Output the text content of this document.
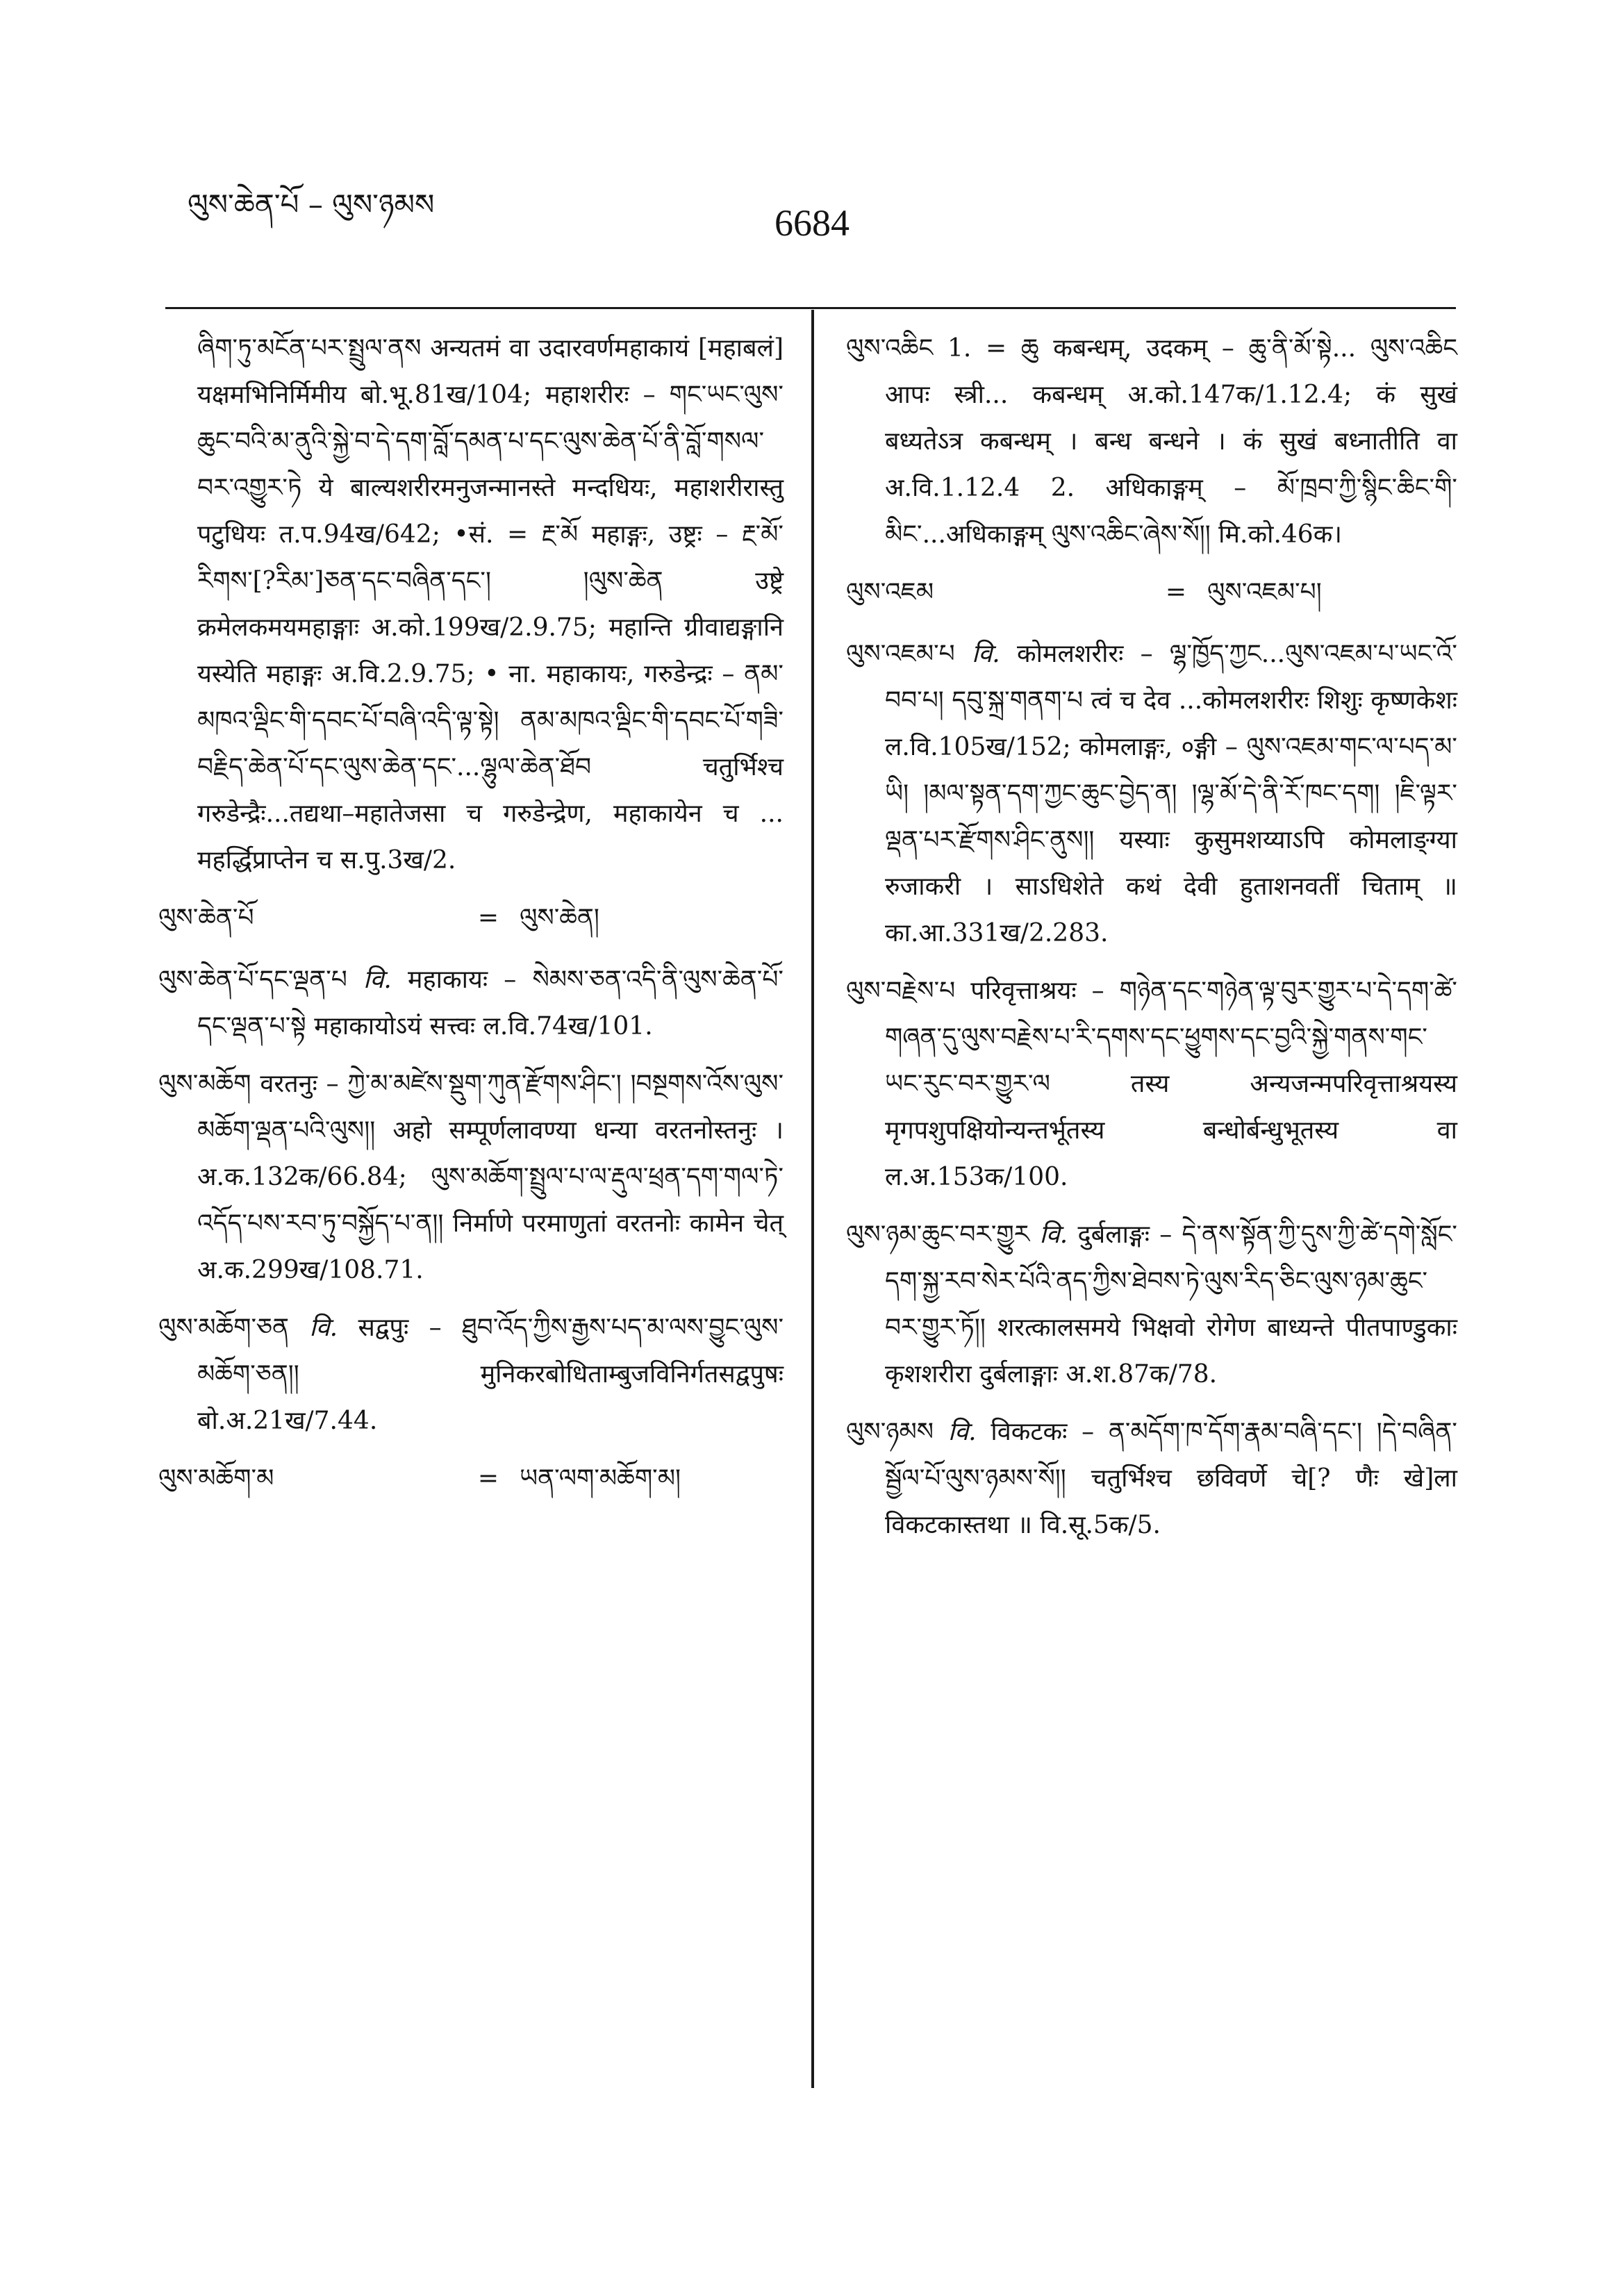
ལུས་ཆེན་པོ – ལུས་ཉམས	6684

ཞིག་ཏུ་མངོན་པར་སྤྲུལ་ནས अन्यतमं वा उदारवर्णमहाकायं [महाबलं] यक्षमभिनिर्मिमीय बो.भू.81ख/104; महाशरीरः – གང་ཡང་ལུས་ཆུང་བའི་མ་ནུའི་སྐྱེ་བ་དེ་དག་བློ་དམན་པ་དང་ལུས་ཆེན་པོ་ནི་བློ་གསལ་བར་འགྱུར་ཏེ ये बाल्यशरीरमनुजन्मानस्ते मन्दधियः, महाशरीरास्तु पटुधियः त.प.94ख/642; •सं. = རྔ་མོ महाङ्गः, उष्ट्रः – རྔ་མོ་རིགས་[?རིམ་]ཅན་དང་བཞིན་དང་། །ལུས་ཆེན उष्ट्रे क्रमेलकमयमहाङ्गाः अ.को.199ख/2.9.75; महान्ति ग्रीवाद्यङ्गानि यस्येति महाङ्गः अ.वि.2.9.75; • ना. महाकायः, गरुडेन्द्रः – ནམ་མཁའ་ལྡིང་གི་དབང་པོ་བཞི་འདི་ལྟ་སྟེ། ནམ་མཁའ་ལྡིང་གི་དབང་པོ་གཟི་བརྗིད་ཆེན་པོ་དང་ལུས་ཆེན་དང་...ལྷུལ་ཆེན་ཐོབ चतुर्भिश्च गरुडेन्द्रैः...तद्यथा–महातेजसा च गरुडेन्द्रेण, महाकायेन च ... महर्द्धिप्राप्तेन च स.पु.3ख/2.

ལུས་ཆེན་པོ	= ལུས་ཆེན།

ལུས་ཆེན་པོ་དང་ལྡན་པ वि. महाकायः – སེམས་ཅན་འདི་ནི་ལུས་ཆེན་པོ་དང་ལྡན་པ་སྟེ महाकायोऽयं सत्त्वः ल.वि.74ख/101.

ལུས་མཆོག वरतनुः – ཀྱེ་མ་མཛེས་སྡུག་ཀུན་རྫོགས་ཤིང་། །བསྔགས་འོས་ལུས་མཆོག་ལྡན་པའི་ལུས།། अहो सम्पूर्णलावण्या धन्या वरतनोस्तनुः । अ.क.132क/66.84; ལུས་མཆོག་སྤྲུལ་པ་ལ་རྡུལ་ཕྲན་དག་གལ་ཏེ་འདོད་པས་རབ་ཏུ་བསྐྱོད་པ་ན།། निर्माणे परमाणुतां वरतनोः कामेन चेत् अ.क.299ख/108.71.

ལུས་མཆོག་ཅན वि. सद्वपुः – ཐུབ་འོད་ཀྱིས་རྒྱས་པད་མ་ལས་བྱུང་ལུས་མཆོག་ཅན།། मुनिकरबोधिताम्बुजविनिर्गतसद्वपुषः बो.अ.21ख/7.44.

ལུས་མཆོག་མ	= ཡན་ལག་མཆོག་མ།

ལུས་འཆིང 1. = ཆུ कबन्धम्, उदकम् – ཆུ་ནི་མོ་སྟེ... ལུས་འཆིང आपः स्त्री... कबन्धम् अ.को.147क/1.12.4; कं सुखं बध्यतेऽत्र कबन्धम् । बन्ध बन्धने । कं सुखं बध्नातीति वा अ.वि.1.12.4 2. अधिकाङ्गम् – མོ་ཁྲབ་ཀྱི་སྙིང་ཆིང་གི་མིང་...अधिकाङ्गम् ལུས་འཆིང་ཞེས་སོ།། मि.को.46क।

ལུས་འཇམ	= ལུས་འཇམ་པ།

ལུས་འཇམ་པ वि. कोमलशरीरः – ལྷ་ཁྱོད་ཀྱང...ལུས་འཇམ་པ་ཡང་འོ་བབ་པ། དབུ་སྐྲ་གནག་པ त्वं च देव ...कोमलशरीरः शिशुः कृष्णकेशः ल.वि.105ख/152; कोमलाङ्गः, ०ङ्गी – ལུས་འཇམ་གང་ལ་པད་མ་ཡི། །མལ་སྟན་དག་ཀྱང་ཆུང་བྱེད་ན། །ལྷ་མོ་དེ་ནི་རོ་ཁང་དག། །ཇི་ལྟར་ལྡན་པར་རྫོགས་ཤིང་ནུས།། यस्याः कुसुमशय्याऽपि कोमलाङ्ग्या रुजाकरी । साऽधिशेते कथं देवी हुताशनवतीं चिताम् ॥ का.आ.331ख/2.283.

ལུས་བརྗེས་པ परिवृत्ताश्रयः – གཉེན་དང་གཉེན་ལྟ་བུར་གྱུར་པ་དེ་དག་ཚེ་གཞན་དུ་ལུས་བརྗེས་པ་རི་དགས་དང་ཕྱུགས་དང་བྱའི་སྐྱེ་གནས་གང་ཡང་རུང་བར་གྱུར་ལ तस्य अन्यजन्मपरिवृत्ताश्रयस्य मृगपशुपक्षियोन्यन्तर्भूतस्य बन्धोर्बन्धुभूतस्य वा ल.अ.153क/100.

ལུས་ཉམ་ཆུང་བར་གྱུར वि. दुर्बलाङ्गः – དེ་ནས་སྟོན་ཀྱི་དུས་ཀྱི་ཚེ་དགེ་སློང་དག་སྐྱ་རབ་སེར་པོའི་ནད་ཀྱིས་ཐེབས་ཏེ་ལུས་རིད་ཅིང་ལུས་ཉམ་ཆུང་བར་གྱུར་ཏོ།། शरत्कालसमये भिक्षवो रोगेण बाध्यन्ते पीतपाण्डुकाः कृशशरीरा दुर्बलाङ्गाः अ.श.87क/78.

ལུས་ཉམས वि. विकटकः – ན་མདོག་ཁ་དོག་རྣམ་བཞི་དང་། །དེ་བཞིན་སྦྱོལ་པོ་ལུས་ཉམས་སོ།། चतुर्भिश्च छविवर्णे चे[? णैः खे]ला विकटकास्तथा ॥ वि.सू.5क/5.
